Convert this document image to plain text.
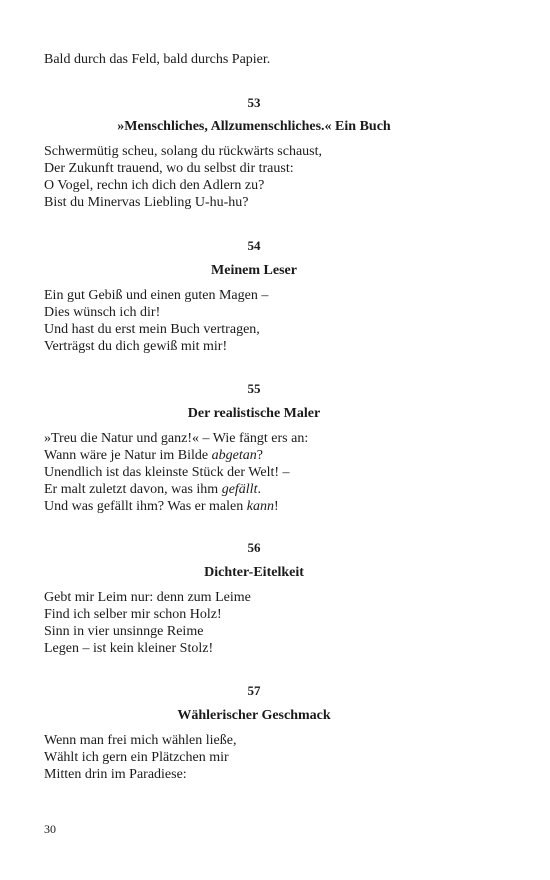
Bald durch das Feld, bald durchs Papier.
53
»Menschliches, Allzumenschliches.« Ein Buch
Schwermütig scheu, solang du rückwärts schaust,
Der Zukunft trauend, wo du selbst dir traust:
O Vogel, rechn ich dich den Adlern zu?
Bist du Minervas Liebling U-hu-hu?
54
Meinem Leser
Ein gut Gebiß und einen guten Magen –
Dies wünsch ich dir!
Und hast du erst mein Buch vertragen,
Verträgst du dich gewiß mit mir!
55
Der realistische Maler
»Treu die Natur und ganz!« – Wie fängt ers an:
Wann wäre je Natur im Bilde abgetan?
Unendlich ist das kleinste Stück der Welt! –
Er malt zuletzt davon, was ihm gefällt.
Und was gefällt ihm? Was er malen kann!
56
Dichter-Eitelkeit
Gebt mir Leim nur: denn zum Leime
Find ich selber mir schon Holz!
Sinn in vier unsinnge Reime
Legen – ist kein kleiner Stolz!
57
Wählerischer Geschmack
Wenn man frei mich wählen ließe,
Wählt ich gern ein Plätzchen mir
Mitten drin im Paradiese:
30
